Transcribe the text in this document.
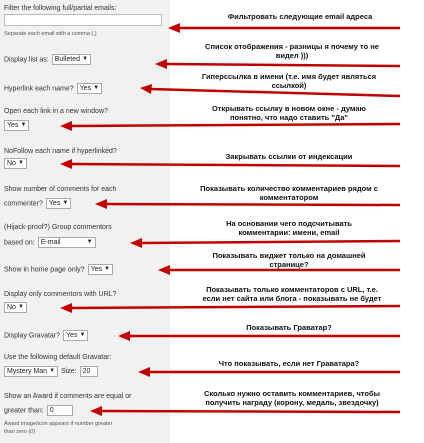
Filter the following full/partial emails:
Separate each email with a comma (,)
Display list as: Bulleted ▼
Hyperlink each name? Yes ▼
Open each link in a new window?
Yes ▼
NoFollow each name if hyperlinked?
No ▼
Show number of comments for each
commenter? Yes ▼
(Hijack-proof?) Group commentors
based on: E-mail	▼
Show in home page only? Yes ▼
Display only commentors with URL?
No ▼
Display Gravatar? Yes ▼
Use the following default Gravatar:
Mystery Man ▼ Size: 20
Show an Award if comments are equal or
greater than: 0
Award image/icon appears if number greater
than zero (0)
Фильтровать следующие email адреса
Список отображения - разницы я почему то не
видел )))
Гиперссылка в имени (т.е. имя будет являться
ссылкой)
Открывать ссылку в новом окне - думаю
понятно, что надо ставить "Да"
Закрывать ссылки от индексации
Показывать количество комментариев рядом с
комментатором
На основании чего подсчитывать
комментарии: имени, email
Показывать виджет только на домашней
странице?
Показывать только комментаторов с URL, т.е.
если нет сайта или блога - показывать не будет
Показывать Граватар?
Что показывать, если нет Граватара?
Сколько нужно оставить комментариев, чтобы
получить награду (корону, медаль, звездочку)
